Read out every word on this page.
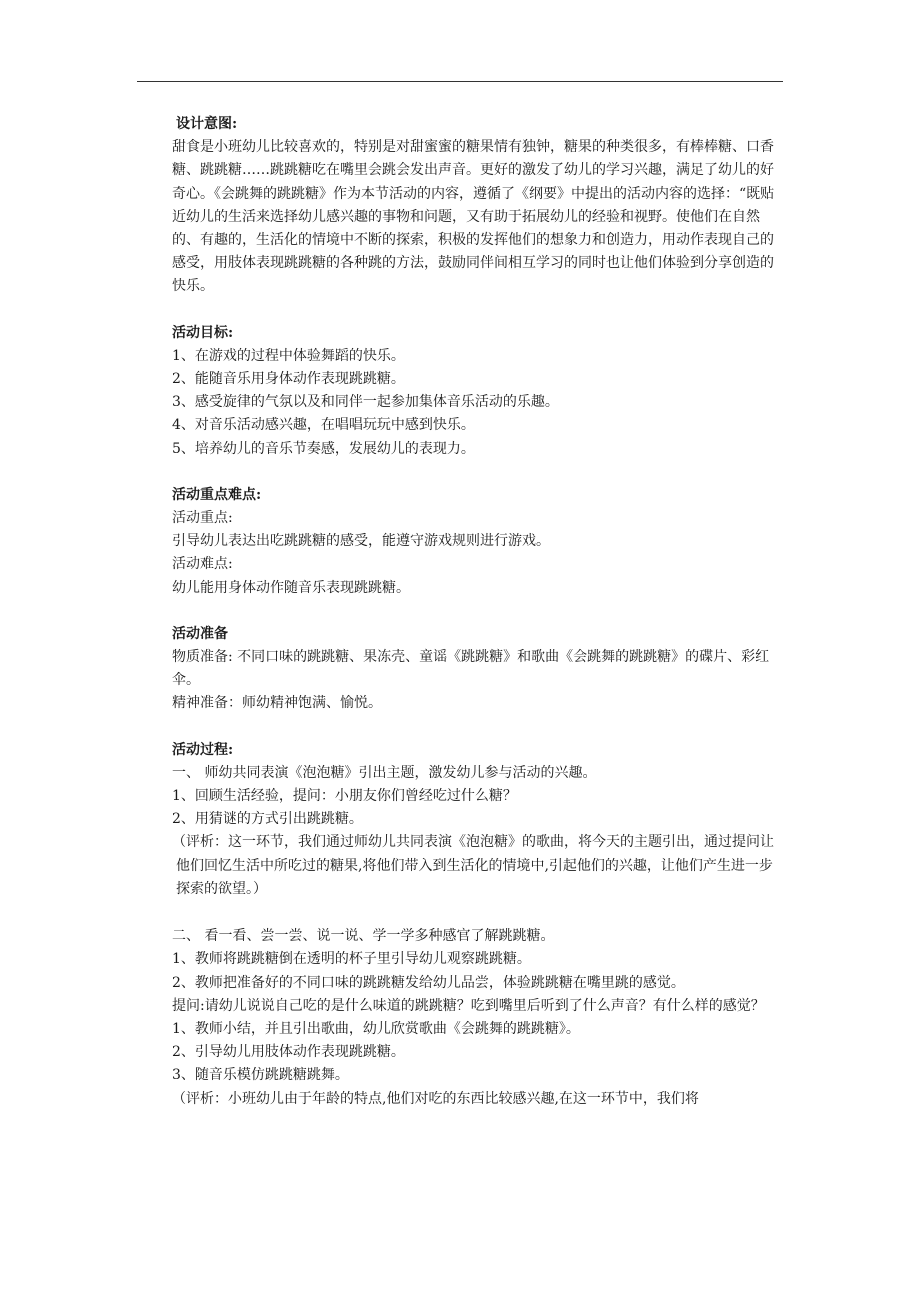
设计意图:

甜食是小班幼儿比较喜欢的，特别是对甜蜜蜜的糖果情有独钟，糖果的种类很多，有棒棒糖、口香糖、跳跳糖……跳跳糖吃在嘴里会跳会发出声音。更好的激发了幼儿的学习兴趣，满足了幼儿的好奇心。《会跳舞的跳跳糖》作为本节活动的内容，遵循了《纲要》中提出的活动内容的选择：“既贴近幼儿的生活来选择幼儿感兴趣的事物和问题，又有助于拓展幼儿的经验和视野。使他们在自然的、有趣的，生活化的情境中不断的探索，积极的发挥他们的想象力和创造力，用动作表现自己的感受，用肢体表现跳跳糖的各种跳的方法，鼓励同伴间相互学习的同时也让他们体验到分享创造的快乐。

活动目标:

1、在游戏的过程中体验舞蹈的快乐。

2、能随音乐用身体动作表现跳跳糖。

3、感受旋律的气氛以及和同伴一起参加集体音乐活动的乐趣。

4、对音乐活动感兴趣，在唱唱玩玩中感到快乐。

5、培养幼儿的音乐节奏感，发展幼儿的表现力。

活动重点难点:

活动重点:

引导幼儿表达出吃跳跳糖的感受，能遵守游戏规则进行游戏。

活动难点:

幼儿能用身体动作随音乐表现跳跳糖。

活动准备

物质准备: 不同口味的跳跳糖、果冻壳、童谣《跳跳糖》和歌曲《会跳舞的跳跳糖》的碟片、彩红伞。

精神准备：师幼精神饱满、愉悦。

活动过程:

一、 师幼共同表演《泡泡糖》引出主题，激发幼儿参与活动的兴趣。

1、回顾生活经验，提问：小朋友你们曾经吃过什么糖？

2、用猜谜的方式引出跳跳糖。

（评析：这一环节，我们通过师幼儿共同表演《泡泡糖》的歌曲，将今天的主题引出，通过提问让他们回忆生活中所吃过的糖果,将他们带入到生活化的情境中,引起他们的兴趣，让他们产生进一步探索的欲望。）

二、 看一看、尝一尝、说一说、学一学多种感官了解跳跳糖。

1、教师将跳跳糖倒在透明的杯子里引导幼儿观察跳跳糖。

2、教师把准备好的不同口味的跳跳糖发给幼儿品尝，体验跳跳糖在嘴里跳的感觉。

提问:请幼儿说说自己吃的是什么味道的跳跳糖？吃到嘴里后听到了什么声音？有什么样的感觉？

1、教师小结，并且引出歌曲，幼儿欣赏歌曲《会跳舞的跳跳糖》。

2、引导幼儿用肢体动作表现跳跳糖。

3、随音乐模仿跳跳糖跳舞。

（评析：小班幼儿由于年龄的特点,他们对吃的东西比较感兴趣,在这一环节中，我们将
